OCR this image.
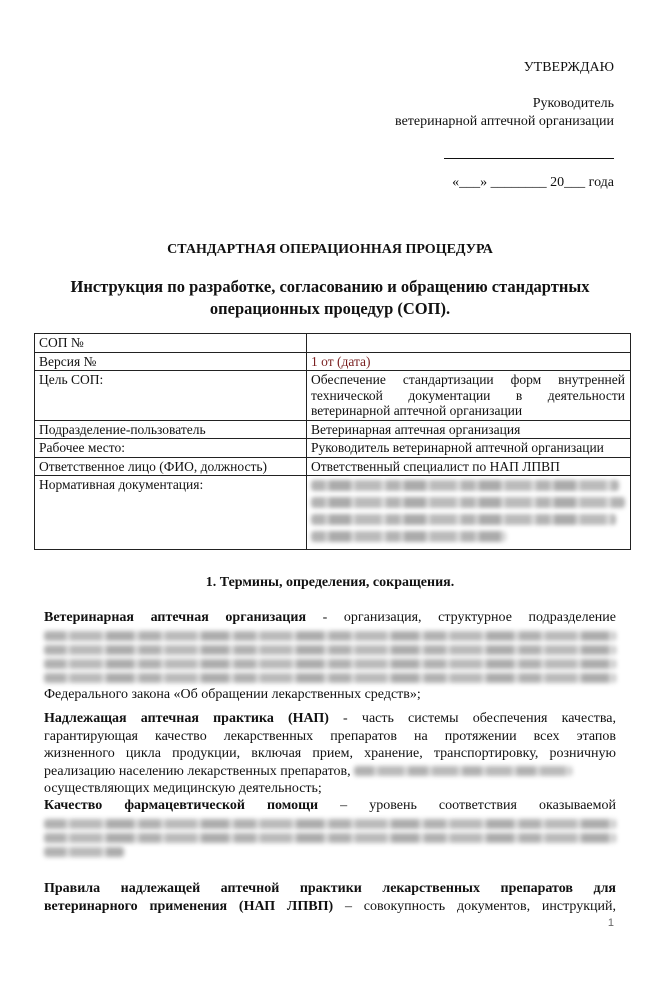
УТВЕРЖДАЮ
Руководитель
ветеринарной аптечной организации
«___» ________ 20___ года
СТАНДАРТНАЯ ОПЕРАЦИОННАЯ ПРОЦЕДУРА
Инструкция по разработке, согласованию и обращению стандартных
операционных процедур (СОП).
СОП №	
Версия №	1 от (дата)
Цель СОП:	Обеспечение стандартизации форм внутренней технической документации в деятельности ветеринарной аптечной организации
Подразделение-пользователь	Ветеринарная аптечная организация
Рабочее место:	Руководитель ветеринарной аптечной организации
Ответственное лицо (ФИО, должность)	Ответственный специалист по НАП ЛПВП
Нормативная документация:	
1. Термины, определения, сокращения.
Ветеринарная аптечная организация - организация, структурное подразделение
Федерального закона «Об обращении лекарственных средств»;
Надлежащая аптечная практика (НАП) - часть системы обеспечения качества,
гарантирующая качество лекарственных препаратов на протяжении всех этапов
жизненного цикла продукции, включая прием, хранение, транспортировку, розничную
реализацию населению лекарственных препаратов,
осуществляющих медицинскую деятельность;
Качество фармацевтической помощи – уровень соответствия оказываемой
Правила надлежащей аптечной практики лекарственных препаратов для
ветеринарного применения (НАП ЛПВП) – совокупность документов, инструкций,
1
